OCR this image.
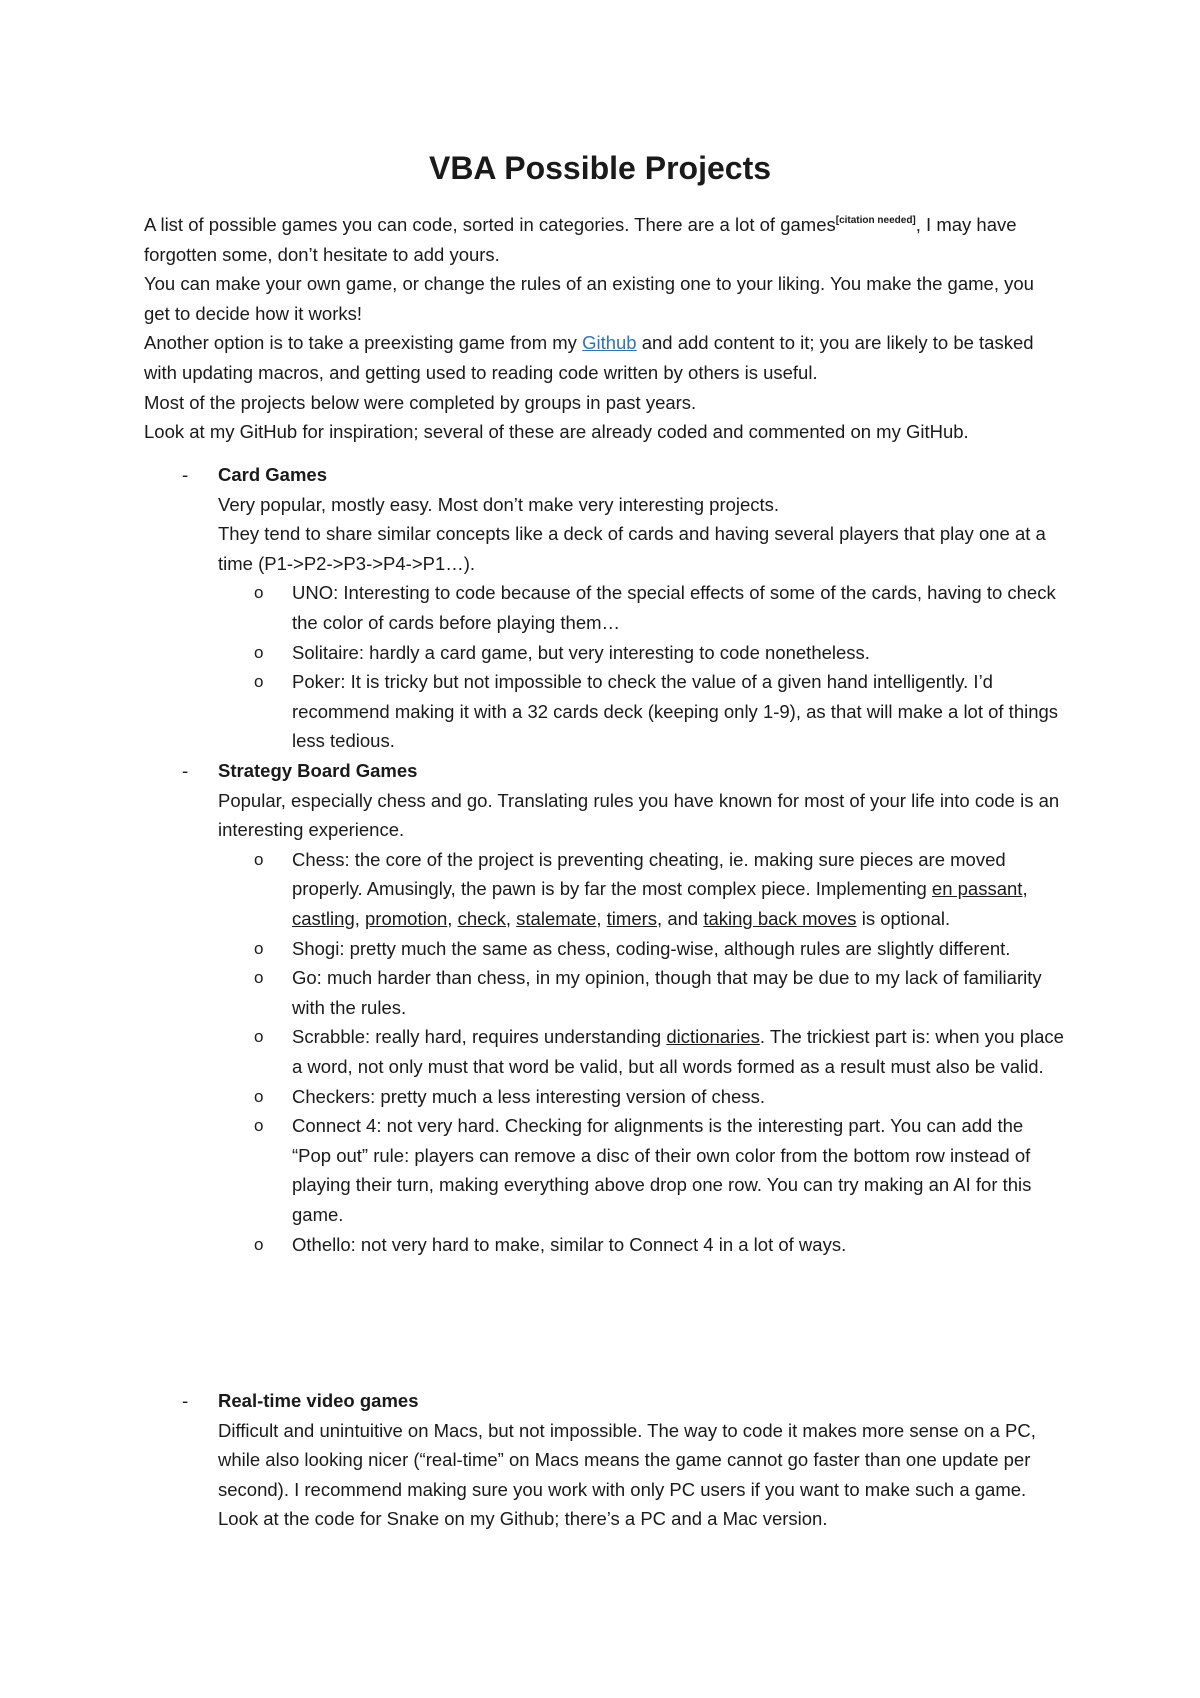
VBA Possible Projects

A list of possible games you can code, sorted in categories. There are a lot of games[citation needed], I may have forgotten some, don’t hesitate to add yours.

You can make your own game, or change the rules of an existing one to your liking. You make the game, you get to decide how it works!

Another option is to take a preexisting game from my Github and add content to it; you are likely to be tasked with updating macros, and getting used to reading code written by others is useful.

Most of the projects below were completed by groups in past years.

Look at my GitHub for inspiration; several of these are already coded and commented on my GitHub.

- Card Games

Very popular, mostly easy. Most don’t make very interesting projects.

They tend to share similar concepts like a deck of cards and having several players that play one at a time (P1->P2->P3->P4->P1…).

o UNO: Interesting to code because of the special effects of some of the cards, having to check the color of cards before playing them…
o Solitaire: hardly a card game, but very interesting to code nonetheless.
o Poker: It is tricky but not impossible to check the value of a given hand intelligently. I’d recommend making it with a 32 cards deck (keeping only 1-9), as that will make a lot of things less tedious.
- Strategy Board Games

Popular, especially chess and go. Translating rules you have known for most of your life into code is an interesting experience.

o Chess: the core of the project is preventing cheating, ie. making sure pieces are moved properly. Amusingly, the pawn is by far the most complex piece. Implementing en passant, castling, promotion, check, stalemate, timers, and taking back moves is optional.
o Shogi: pretty much the same as chess, coding-wise, although rules are slightly different.
o Go: much harder than chess, in my opinion, though that may be due to my lack of familiarity with the rules.
o Scrabble: really hard, requires understanding dictionaries. The trickiest part is: when you place a word, not only must that word be valid, but all words formed as a result must also be valid.
o Checkers: pretty much a less interesting version of chess.
o Connect 4: not very hard. Checking for alignments is the interesting part. You can add the “Pop out” rule: players can remove a disc of their own color from the bottom row instead of playing their turn, making everything above drop one row. You can try making an AI for this game.
o Othello: not very hard to make, similar to Connect 4 in a lot of ways.
- Real-time video games

Difficult and unintuitive on Macs, but not impossible. The way to code it makes more sense on a PC, while also looking nicer (“real-time” on Macs means the game cannot go faster than one update per second). I recommend making sure you work with only PC users if you want to make such a game. Look at the code for Snake on my Github; there’s a PC and a Mac version.
